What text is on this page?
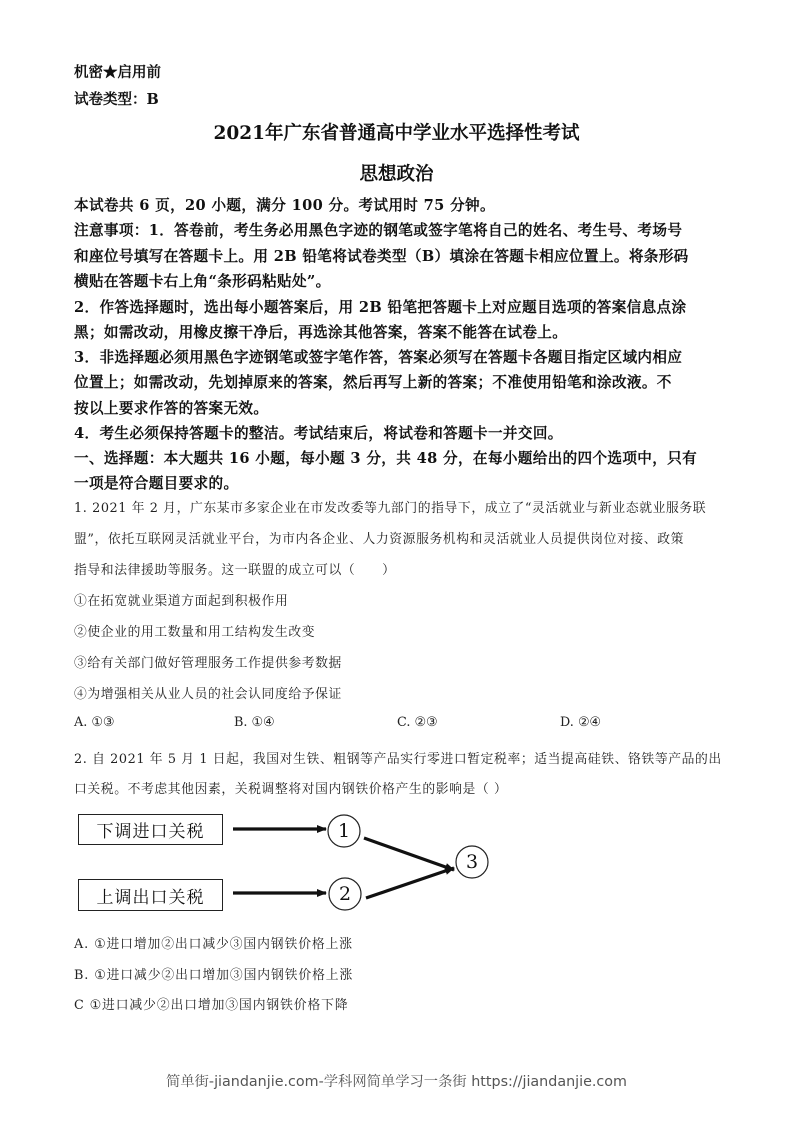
机密★启用前
试卷类型：B
2021年广东省普通高中学业水平选择性考试
思想政治
本试卷共 6 页，20 小题，满分 100 分。考试用时 75 分钟。
注意事项：1．答卷前，考生务必用黑色字迹的钢笔或签字笔将自己的姓名、考生号、考场号
和座位号填写在答题卡上。用 2B 铅笔将试卷类型（B）填涂在答题卡相应位置上。将条形码
横贴在答题卡右上角“条形码粘贴处”。
2．作答选择题时，选出每小题答案后，用 2B 铅笔把答题卡上对应题目选项的答案信息点涂
黑；如需改动，用橡皮擦干净后，再选涂其他答案，答案不能答在试卷上。
3．非选择题必须用黑色字迹钢笔或签字笔作答，答案必须写在答题卡各题目指定区域内相应
位置上；如需改动，先划掉原来的答案，然后再写上新的答案；不准使用铅笔和涂改液。不
按以上要求作答的答案无效。
4．考生必须保持答题卡的整洁。考试结束后，将试卷和答题卡一并交回。
一、选择题：本大题共 16 小题，每小题 3 分，共 48 分，在每小题给出的四个选项中，只有
一项是符合题目要求的。
1. 2021 年 2 月，广东某市多家企业在市发改委等九部门的指导下，成立了“灵活就业与新业态就业服务联
盟”，依托互联网灵活就业平台，为市内各企业、人力资源服务机构和灵活就业人员提供岗位对接、政策
指导和法律援助等服务。这一联盟的成立可以（　　）
①在拓宽就业渠道方面起到积极作用
②使企业的用工数量和用工结构发生改变
③给有关部门做好管理服务工作提供参考数据
④为增强相关从业人员的社会认同度给予保证
A. ①③	B. ①④	C. ②③	D. ②④
2. 自 2021 年 5 月 1 日起，我国对生铁、粗钢等产品实行零进口暂定税率；适当提高硅铁、铬铁等产品的出
口关税。不考虑其他因素，关税调整将对国内钢铁价格产生的影响是（ ）
下调进口关税
上调出口关税
1
2
3
A. ①进口增加②出口减少③国内钢铁价格上涨
B. ①进口减少②出口增加③国内钢铁价格上涨
C ①进口减少②出口增加③国内钢铁价格下降
简单街-jiandanjie.com-学科网简单学习一条街 https://jiandanjie.com
